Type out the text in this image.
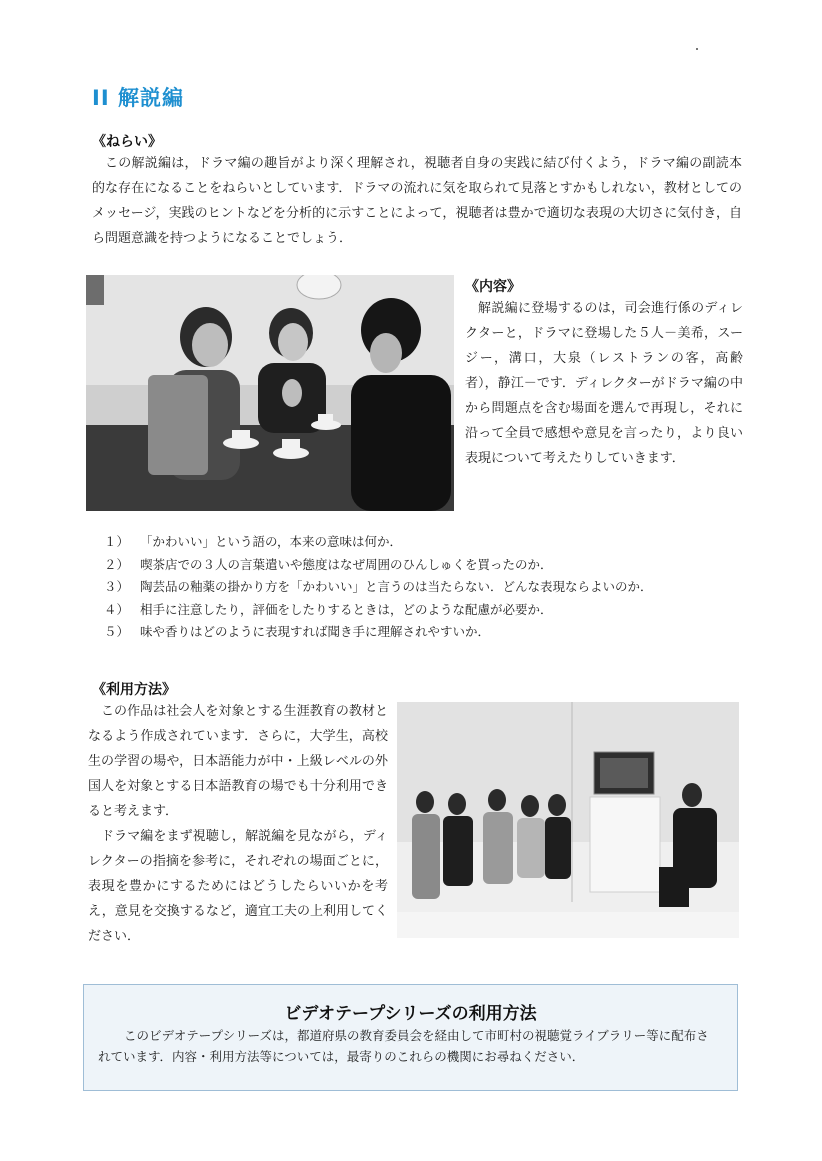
II 解説編
《ねらい》

この解説編は，ドラマ編の趣旨がより深く理解され，視聴者自身の実践に結び付くよう，ドラマ編の副読本的な存在になることをねらいとしています．ドラマの流れに気を取られて見落とすかもしれない，教材としてのメッセージ，実践のヒントなどを分析的に示すことによって，視聴者は豊かで適切な表現の大切さに気付き，自ら問題意識を持つようになることでしょう．

《内容》

解説編に登場するのは，司会進行係のディレクターと，ドラマに登場した５人－美希，スージー，溝口，大泉（レストランの客，高齢者），静江－です．ディレクターがドラマ編の中から問題点を含む場面を選んで再現し，それに沿って全員で感想や意見を言ったり，より良い表現について考えたりしていきます．

１） 「かわいい」という語の，本来の意味は何か．
２） 喫茶店での３人の言葉遣いや態度はなぜ周囲のひんしゅくを買ったのか．
３） 陶芸品の釉薬の掛かり方を「かわいい」と言うのは当たらない．どんな表現ならよいのか．
４） 相手に注意したり，評価をしたりするときは，どのような配慮が必要か．
５） 味や香りはどのように表現すれば聞き手に理解されやすいか．
《利用方法》

この作品は社会人を対象とする生涯教育の教材となるよう作成されています．さらに，大学生，高校生の学習の場や，日本語能力が中・上級レベルの外国人を対象とする日本語教育の場でも十分利用できると考えます．

ドラマ編をまず視聴し，解説編を見ながら，ディレクターの指摘を参考に，それぞれの場面ごとに，表現を豊かにするためにはどうしたらいいかを考え，意見を交換するなど，適宜工夫の上利用してください．

ビデオテープシリーズの利用方法

このビデオテープシリーズは，都道府県の教育委員会を経由して市町村の視聴覚ライブラリー等に配布されています．内容・利用方法等については，最寄りのこれらの機関にお尋ねください．
